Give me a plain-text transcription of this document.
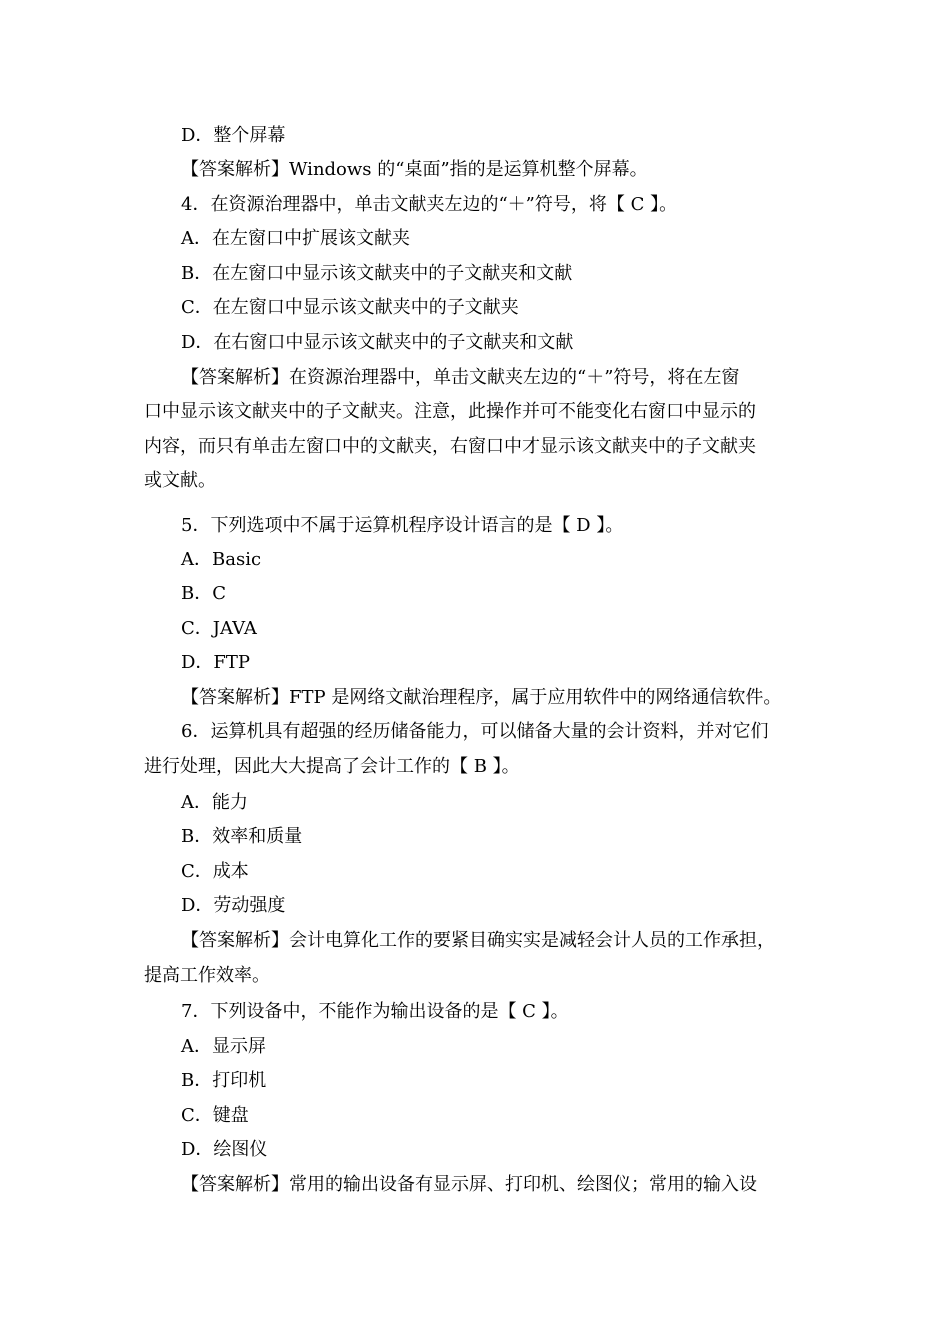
D．整个屏幕
【答案解析】Windows 的“桌面”指的是运算机整个屏幕。
4．在资源治理器中，单击文献夹左边的“＋”符号，将【 C 】。
A．在左窗口中扩展该文献夹
B．在左窗口中显示该文献夹中的子文献夹和文献
C．在左窗口中显示该文献夹中的子文献夹
D．在右窗口中显示该文献夹中的子文献夹和文献
【答案解析】在资源治理器中，单击文献夹左边的“＋”符号，将在左窗
口中显示该文献夹中的子文献夹。注意，此操作并可不能变化右窗口中显示的
内容，而只有单击左窗口中的文献夹，右窗口中才显示该文献夹中的子文献夹
或文献。
5．下列选项中不属于运算机程序设计语言的是【 D 】。
A．Basic
B．C
C．JAVA
D．FTP
【答案解析】FTP 是网络文献治理程序，属于应用软件中的网络通信软件。
6．运算机具有超强的经历储备能力，可以储备大量的会计资料，并对它们
进行处理，因此大大提高了会计工作的【 B 】。
A．能力
B．效率和质量
C．成本
D．劳动强度
【答案解析】会计电算化工作的要紧目确实实是减轻会计人员的工作承担，
提高工作效率。
7．下列设备中，不能作为输出设备的是【 C 】。
A．显示屏
B．打印机
C．键盘
D．绘图仪
【答案解析】常用的输出设备有显示屏、打印机、绘图仪；常用的输入设
